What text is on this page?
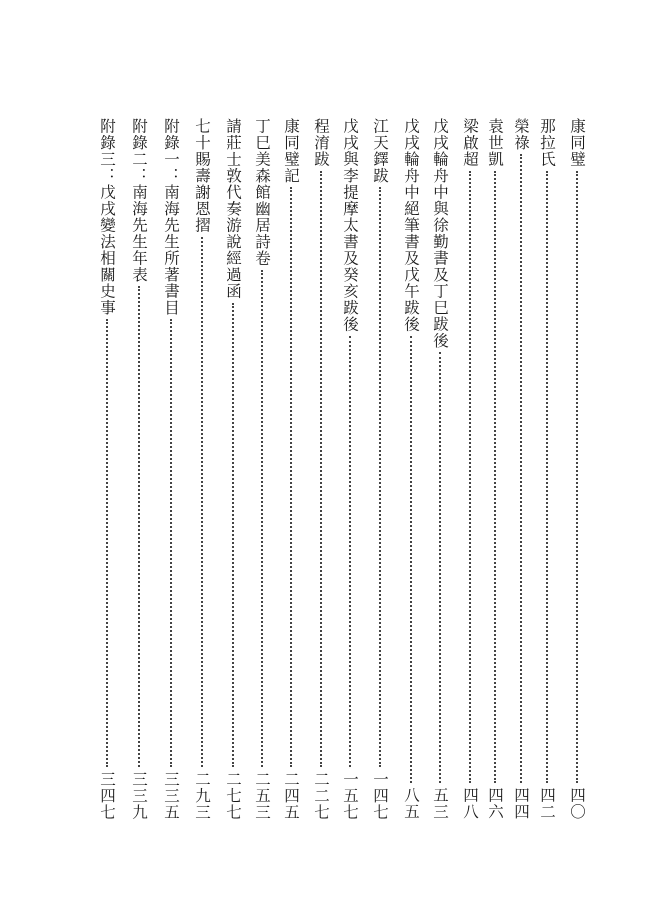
康同璧
四〇
那拉氏
四二
榮祿
四四
袁世凱
四六
梁啟超
四八
戊戌輪舟中與徐勤書及丁巳跋後
五三
戊戌輪舟中絕筆書及戊午跋後
八五
江天鐸跋
一四七
戊戌與李提摩太書及癸亥跋後
一五七
程淯跋
二二七
康同璧記
二四五
丁巳美森館幽居詩卷
二五三
請莊士敦代奏游說經過函
二七七
七十賜壽謝恩摺
二九三
附錄一：南海先生所著書目
三三五
附錄二：南海先生年表
三三九
附錄三：戊戌變法相關史事
三四七
